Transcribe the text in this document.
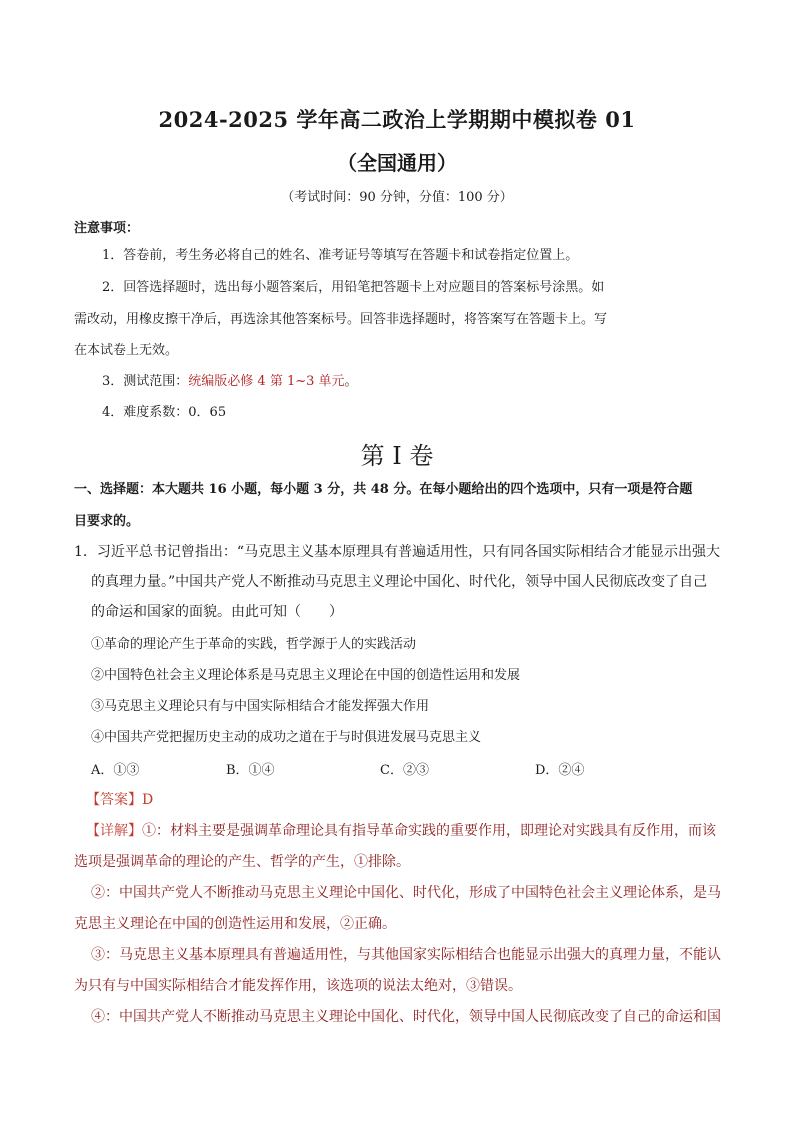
2024-2025 学年高二政治上学期期中模拟卷 01
（全国通用）
（考试时间：90 分钟，分值：100 分）
注意事项：
1．答卷前，考生务必将自己的姓名、准考证号等填写在答题卡和试卷指定位置上。
2．回答选择题时，选出每小题答案后，用铅笔把答题卡上对应题目的答案标号涂黑。如
需改动，用橡皮擦干净后，再选涂其他答案标号。回答非选择题时，将答案写在答题卡上。写
在本试卷上无效。
3．测试范围：统编版必修 4 第 1~3 单元。
4．难度系数：0．65
第 I 卷
一、选择题：本大题共 16 小题，每小题 3 分，共 48 分。在每小题给出的四个选项中，只有一项是符合题
目要求的。
1．习近平总书记曾指出：“马克思主义基本原理具有普遍适用性，只有同各国实际相结合才能显示出强大
的真理力量。”中国共产党人不断推动马克思主义理论中国化、时代化，领导中国人民彻底改变了自己
的命运和国家的面貌。由此可知（　　）
①革命的理论产生于革命的实践，哲学源于人的实践活动
②中国特色社会主义理论体系是马克思主义理论在中国的创造性运用和发展
③马克思主义理论只有与中国实际相结合才能发挥强大作用
④中国共产党把握历史主动的成功之道在于与时俱进发展马克思主义
A．①③	B．①④	C．②③	D．②④
【答案】D
【详解】①：材料主要是强调革命理论具有指导革命实践的重要作用，即理论对实践具有反作用，而该
选项是强调革命的理论的产生、哲学的产生，①排除。
②：中国共产党人不断推动马克思主义理论中国化、时代化，形成了中国特色社会主义理论体系，是马
克思主义理论在中国的创造性运用和发展，②正确。
③：马克思主义基本原理具有普遍适用性，与其他国家实际相结合也能显示出强大的真理力量，不能认
为只有与中国实际相结合才能发挥作用，该选项的说法太绝对，③错误。
④：中国共产党人不断推动马克思主义理论中国化、时代化，领导中国人民彻底改变了自己的命运和国
